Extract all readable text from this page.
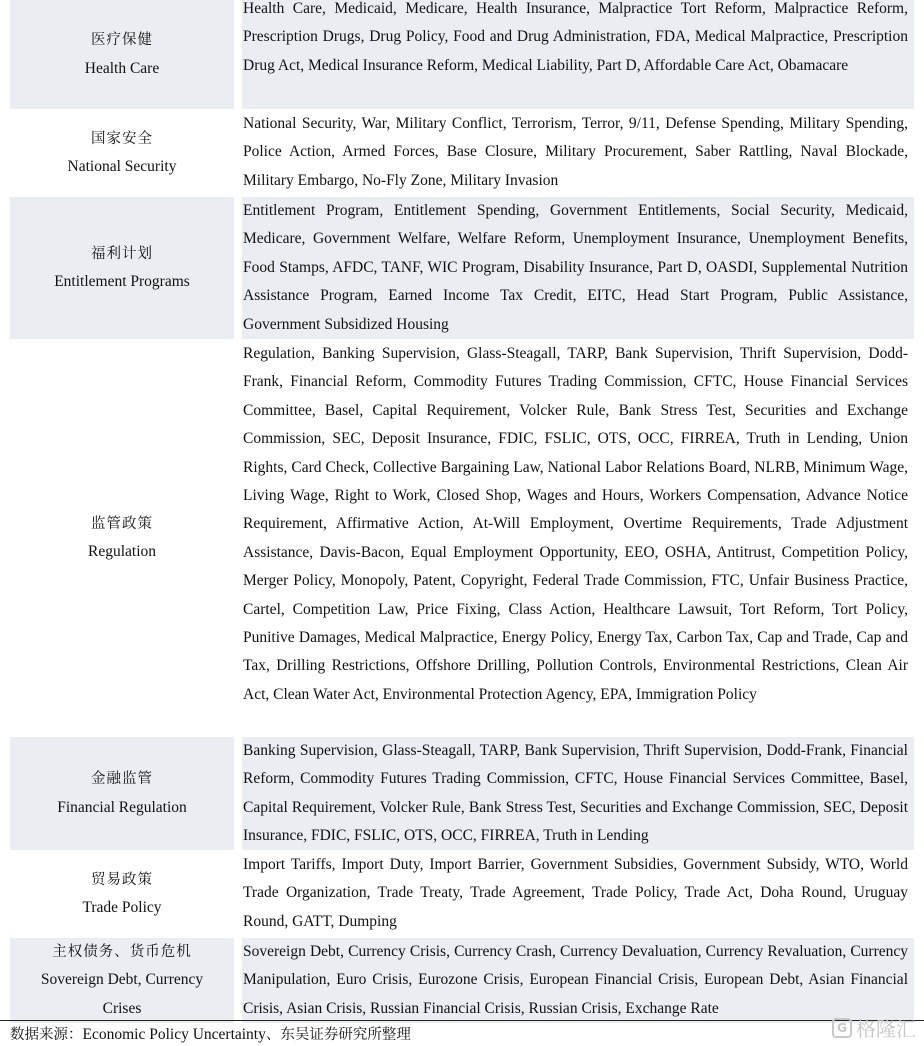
医疗保健
Health Care
Health Care, Medicaid, Medicare, Health Insurance, Malpractice Tort Reform, Malpractice Reform, Prescription Drugs, Drug Policy, Food and Drug Administration, FDA, Medical Malpractice, Prescription Drug Act, Medical Insurance Reform, Medical Liability, Part D, Affordable Care Act, Obamacare
国家安全
National Security
National Security, War, Military Conflict, Terrorism, Terror, 9/11, Defense Spending, Military Spending, Police Action, Armed Forces, Base Closure, Military Procurement, Saber Rattling, Naval Blockade, Military Embargo, No-Fly Zone, Military Invasion
福利计划
Entitlement Programs
Entitlement Program, Entitlement Spending, Government Entitlements, Social Security, Medicaid, Medicare, Government Welfare, Welfare Reform, Unemployment Insurance, Unemployment Benefits, Food Stamps, AFDC, TANF, WIC Program, Disability Insurance, Part D, OASDI, Supplemental Nutrition Assistance Program, Earned Income Tax Credit, EITC, Head Start Program, Public Assistance, Government Subsidized Housing
监管政策
Regulation
Regulation, Banking Supervision, Glass-Steagall, TARP, Bank Supervision, Thrift Supervision, Dodd-Frank, Financial Reform, Commodity Futures Trading Commission, CFTC, House Financial Services Committee, Basel, Capital Requirement, Volcker Rule, Bank Stress Test, Securities and Exchange Commission, SEC, Deposit Insurance, FDIC, FSLIC, OTS, OCC, FIRREA, Truth in Lending, Union Rights, Card Check, Collective Bargaining Law, National Labor Relations Board, NLRB, Minimum Wage, Living Wage, Right to Work, Closed Shop, Wages and Hours, Workers Compensation, Advance Notice Requirement, Affirmative Action, At-Will Employment, Overtime Requirements, Trade Adjustment Assistance, Davis-Bacon, Equal Employment Opportunity, EEO, OSHA, Antitrust, Competition Policy, Merger Policy, Monopoly, Patent, Copyright, Federal Trade Commission, FTC, Unfair Business Practice, Cartel, Competition Law, Price Fixing, Class Action, Healthcare Lawsuit, Tort Reform, Tort Policy, Punitive Damages, Medical Malpractice, Energy Policy, Energy Tax, Carbon Tax, Cap and Trade, Cap and Tax, Drilling Restrictions, Offshore Drilling, Pollution Controls, Environmental Restrictions, Clean Air Act, Clean Water Act, Environmental Protection Agency, EPA, Immigration Policy
金融监管
Financial Regulation
Banking Supervision, Glass-Steagall, TARP, Bank Supervision, Thrift Supervision, Dodd-Frank, Financial Reform, Commodity Futures Trading Commission, CFTC, House Financial Services Committee, Basel, Capital Requirement, Volcker Rule, Bank Stress Test, Securities and Exchange Commission, SEC, Deposit Insurance, FDIC, FSLIC, OTS, OCC, FIRREA, Truth in Lending
贸易政策
Trade Policy
Import Tariffs, Import Duty, Import Barrier, Government Subsidies, Government Subsidy, WTO, World Trade Organization, Trade Treaty, Trade Agreement, Trade Policy, Trade Act, Doha Round, Uruguay Round, GATT, Dumping
主权债务、货币危机
Sovereign Debt, Currency
Crises
Sovereign Debt, Currency Crisis, Currency Crash, Currency Devaluation, Currency Revaluation, Currency Manipulation, Euro Crisis, Eurozone Crisis, European Financial Crisis, European Debt, Asian Financial Crisis, Asian Crisis, Russian Financial Crisis, Russian Crisis, Exchange Rate
数据来源：Economic Policy Uncertainty、东吴证券研究所整理	G 格隆汇
